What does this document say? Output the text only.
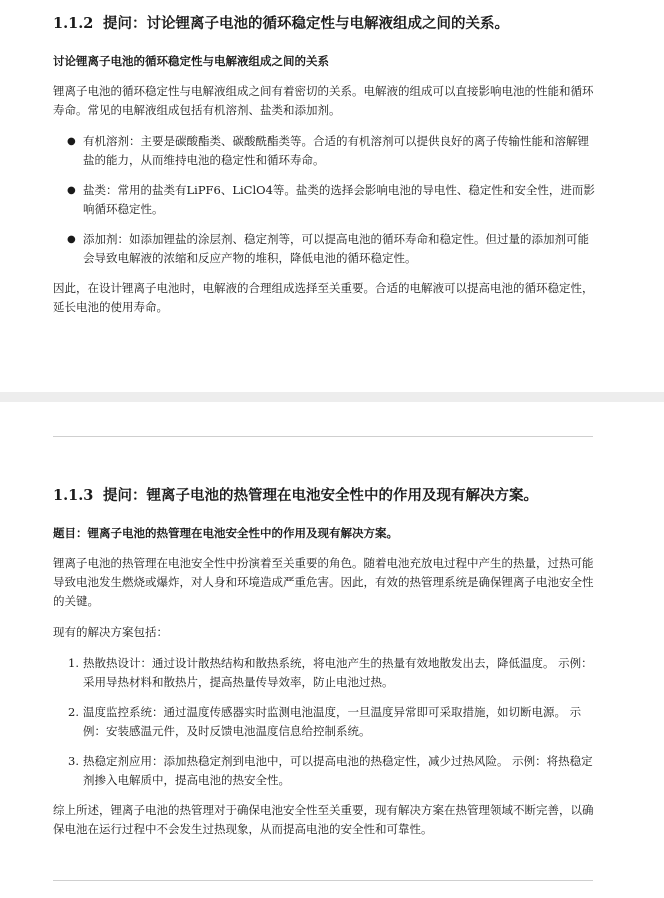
1.1.2 提问：讨论锂离子电池的循环稳定性与电解液组成之间的关系。
讨论锂离子电池的循环稳定性与电解液组成之间的关系

锂离子电池的循环稳定性与电解液组成之间有着密切的关系。电解液的组成可以直接影响电池的性能和循环寿命。常见的电解液组成包括有机溶剂、盐类和添加剂。

● 有机溶剂：主要是碳酸酯类、碳酸酰酯类等。合适的有机溶剂可以提供良好的离子传输性能和溶解锂盐的能力，从而维持电池的稳定性和循环寿命。
● 盐类：常用的盐类有LiPF6、LiClO4等。盐类的选择会影响电池的导电性、稳定性和安全性，进而影响循环稳定性。
● 添加剂：如添加锂盐的涂层剂、稳定剂等，可以提高电池的循环寿命和稳定性。但过量的添加剂可能会导致电解液的浓缩和反应产物的堆积，降低电池的循环稳定性。

因此，在设计锂离子电池时，电解液的合理组成选择至关重要。合适的电解液可以提高电池的循环稳定性，延长电池的使用寿命。

1.1.3 提问：锂离子电池的热管理在电池安全性中的作用及现有解决方案。
题目：锂离子电池的热管理在电池安全性中的作用及现有解决方案。

锂离子电池的热管理在电池安全性中扮演着至关重要的角色。随着电池充放电过程中产生的热量，过热可能导致电池发生燃烧或爆炸，对人身和环境造成严重危害。因此，有效的热管理系统是确保锂离子电池安全性的关键。

现有的解决方案包括：

1. 热散热设计：通过设计散热结构和散热系统，将电池产生的热量有效地散发出去，降低温度。 示例：采用导热材料和散热片，提高热量传导效率，防止电池过热。
2. 温度监控系统：通过温度传感器实时监测电池温度，一旦温度异常即可采取措施，如切断电源。 示例：安装感温元件，及时反馈电池温度信息给控制系统。
3. 热稳定剂应用：添加热稳定剂到电池中，可以提高电池的热稳定性，减少过热风险。 示例：将热稳定剂掺入电解质中，提高电池的热安全性。

综上所述，锂离子电池的热管理对于确保电池安全性至关重要，现有解决方案在热管理领域不断完善，以确保电池在运行过程中不会发生过热现象，从而提高电池的安全性和可靠性。
